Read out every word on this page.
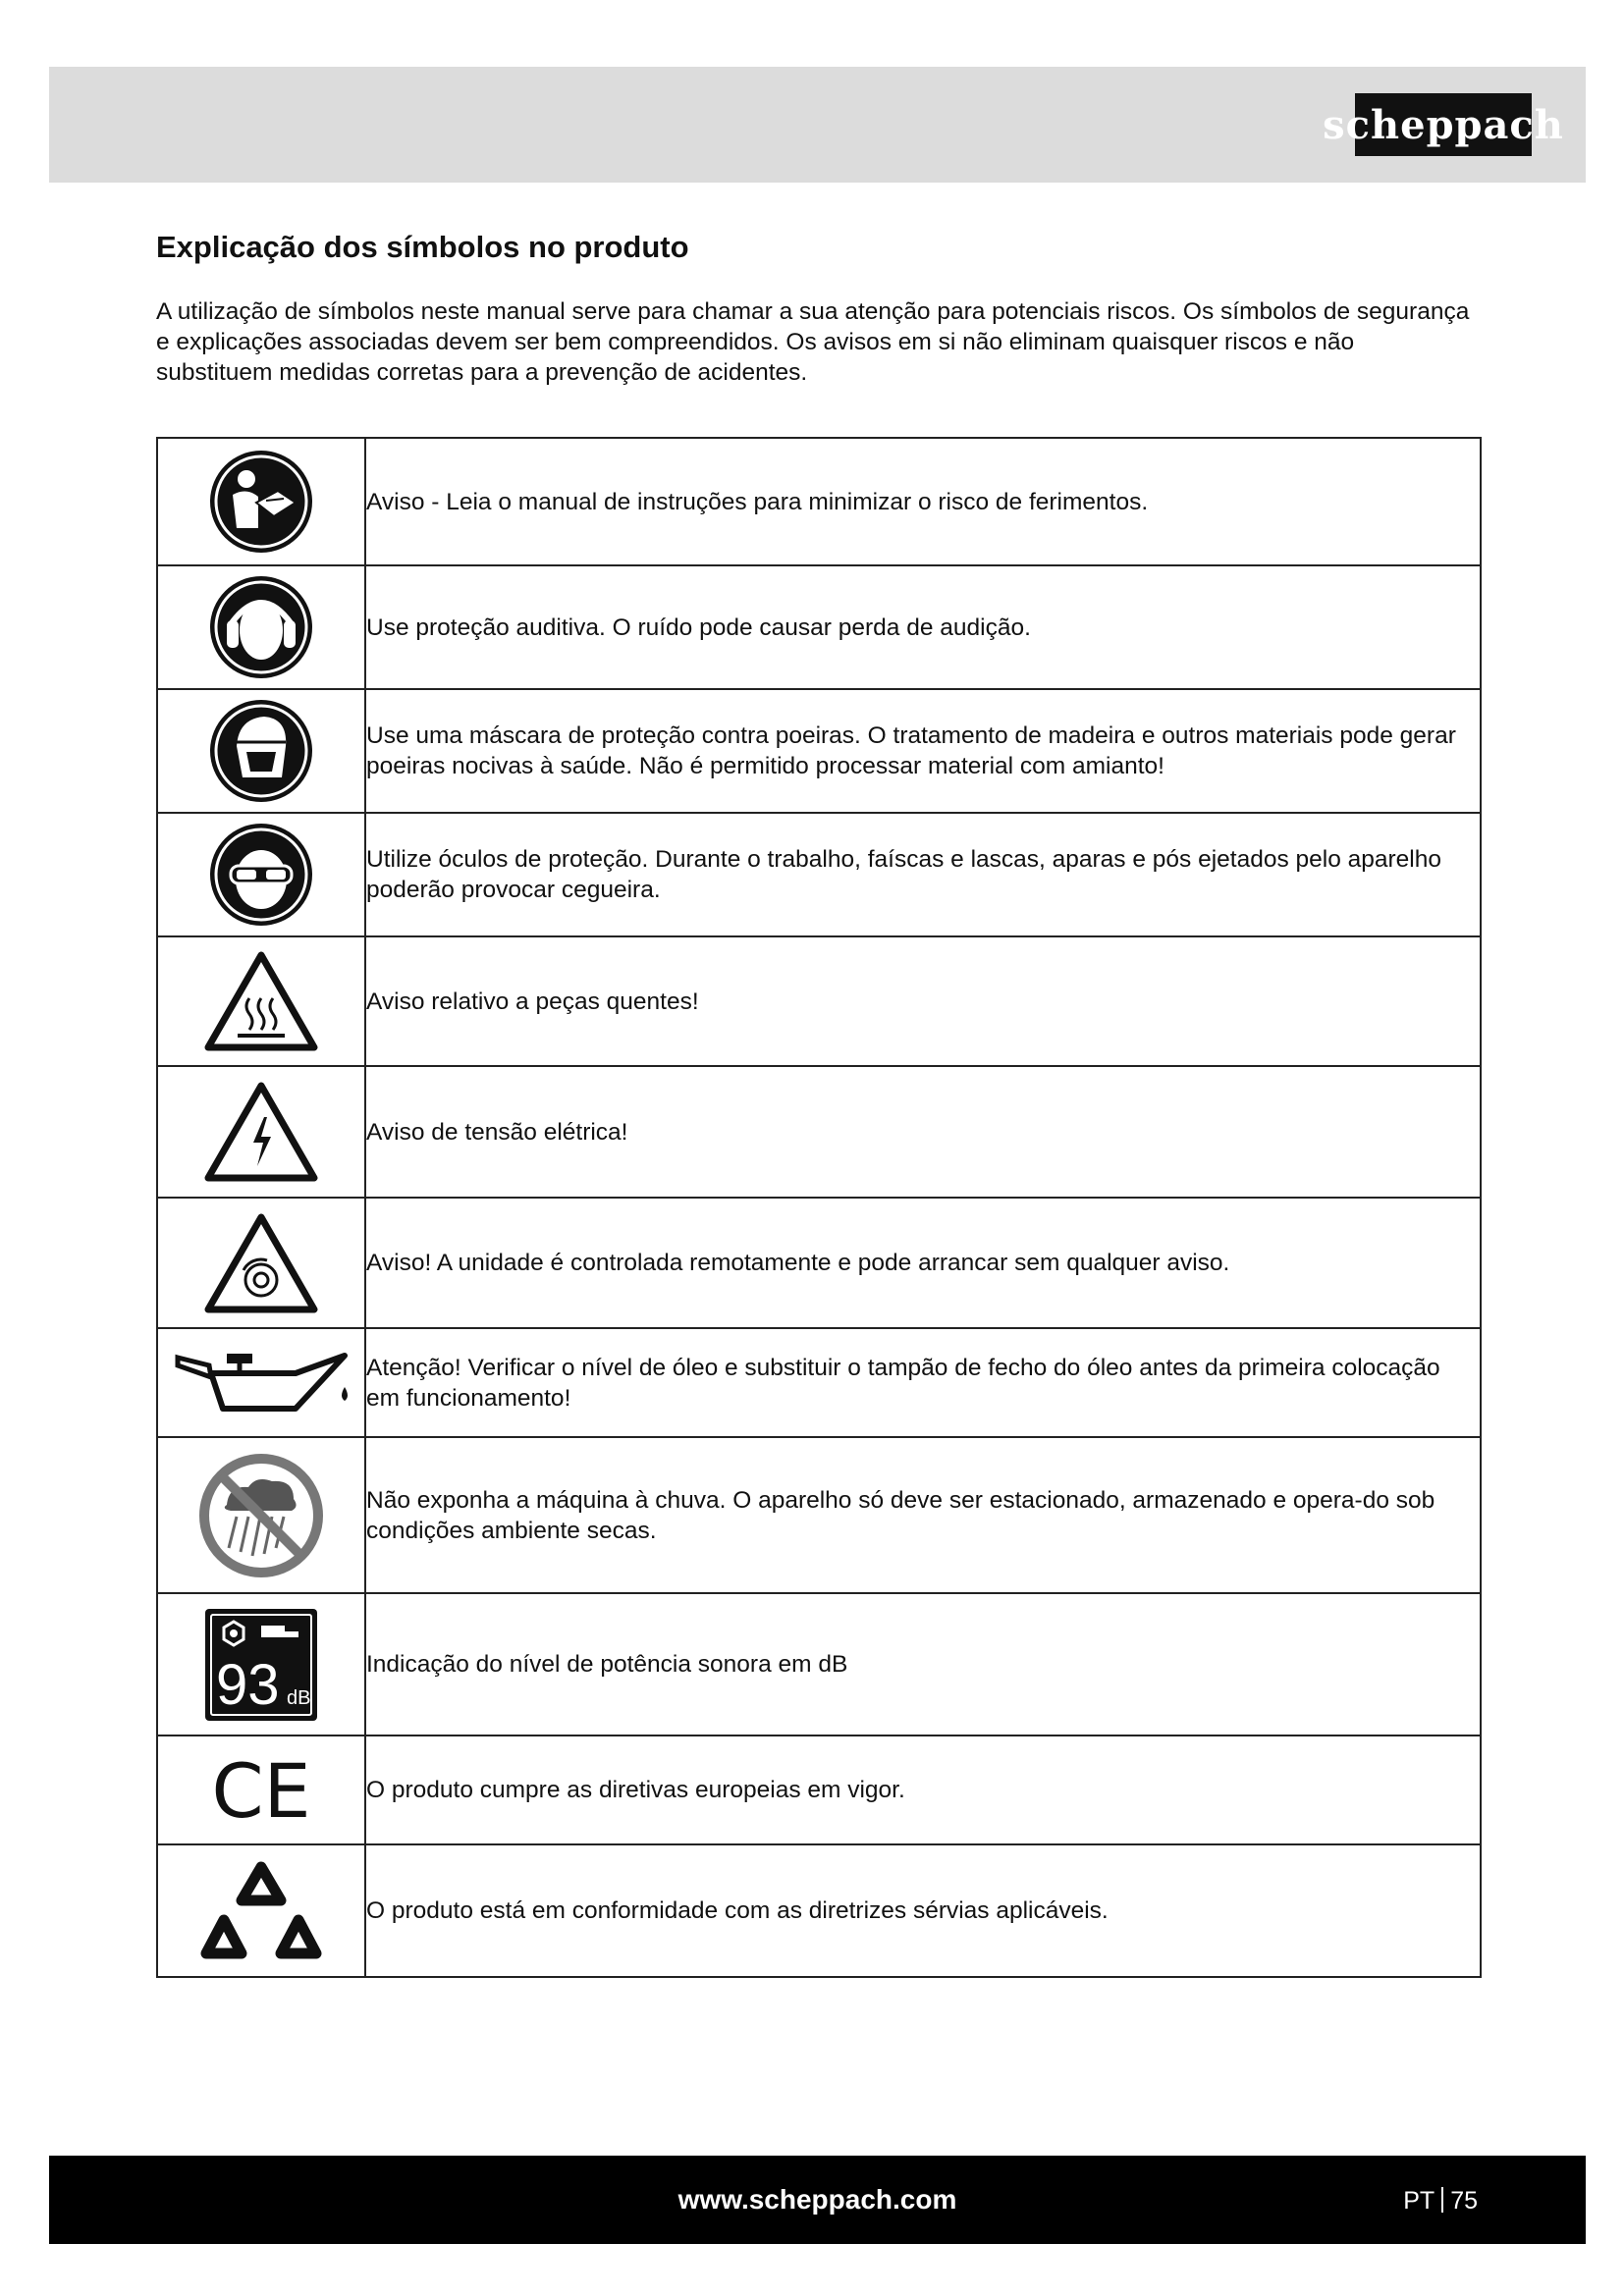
scheppach
Explicação dos símbolos no produto

A utilização de símbolos neste manual serve para chamar a sua atenção para potenciais riscos. Os símbolos de segurança e explicações associadas devem ser bem compreendidos. Os avisos em si não eliminam quaisquer riscos e não substituem medidas corretas para a prevenção de acidentes.

	Aviso - Leia o manual de instruções para minimizar o risco de ferimentos.

	Use proteção auditiva. O ruído pode causar perda de audição.

	Use uma máscara de proteção contra poeiras. O tratamento de madeira e outros materiais pode gerar poeiras nocivas à saúde. Não é permitido processar material com amianto!

	Utilize óculos de proteção. Durante o trabalho, faíscas e lascas, aparas e pós ejetados pelo aparelho poderão provocar cegueira.

	Aviso relativo a peças quentes!

	Aviso de tensão elétrica!

	Aviso! A unidade é controlada remotamente e pode arrancar sem qualquer aviso.

	Atenção! Verificar o nível de óleo e substituir o tampão de fecho do óleo antes da primeira colocação em funcionamento!

	Não exponha a máquina à chuva. O aparelho só deve ser estacionado, armazenado e opera-do sob condições ambiente secas.

93 dB	Indicação do nível de potência sonora em dB

CE	O produto cumpre as diretivas europeias em vigor.

	O produto está em conformidade com as diretrizes sérvias aplicáveis.
www.scheppach.com	PT 75
